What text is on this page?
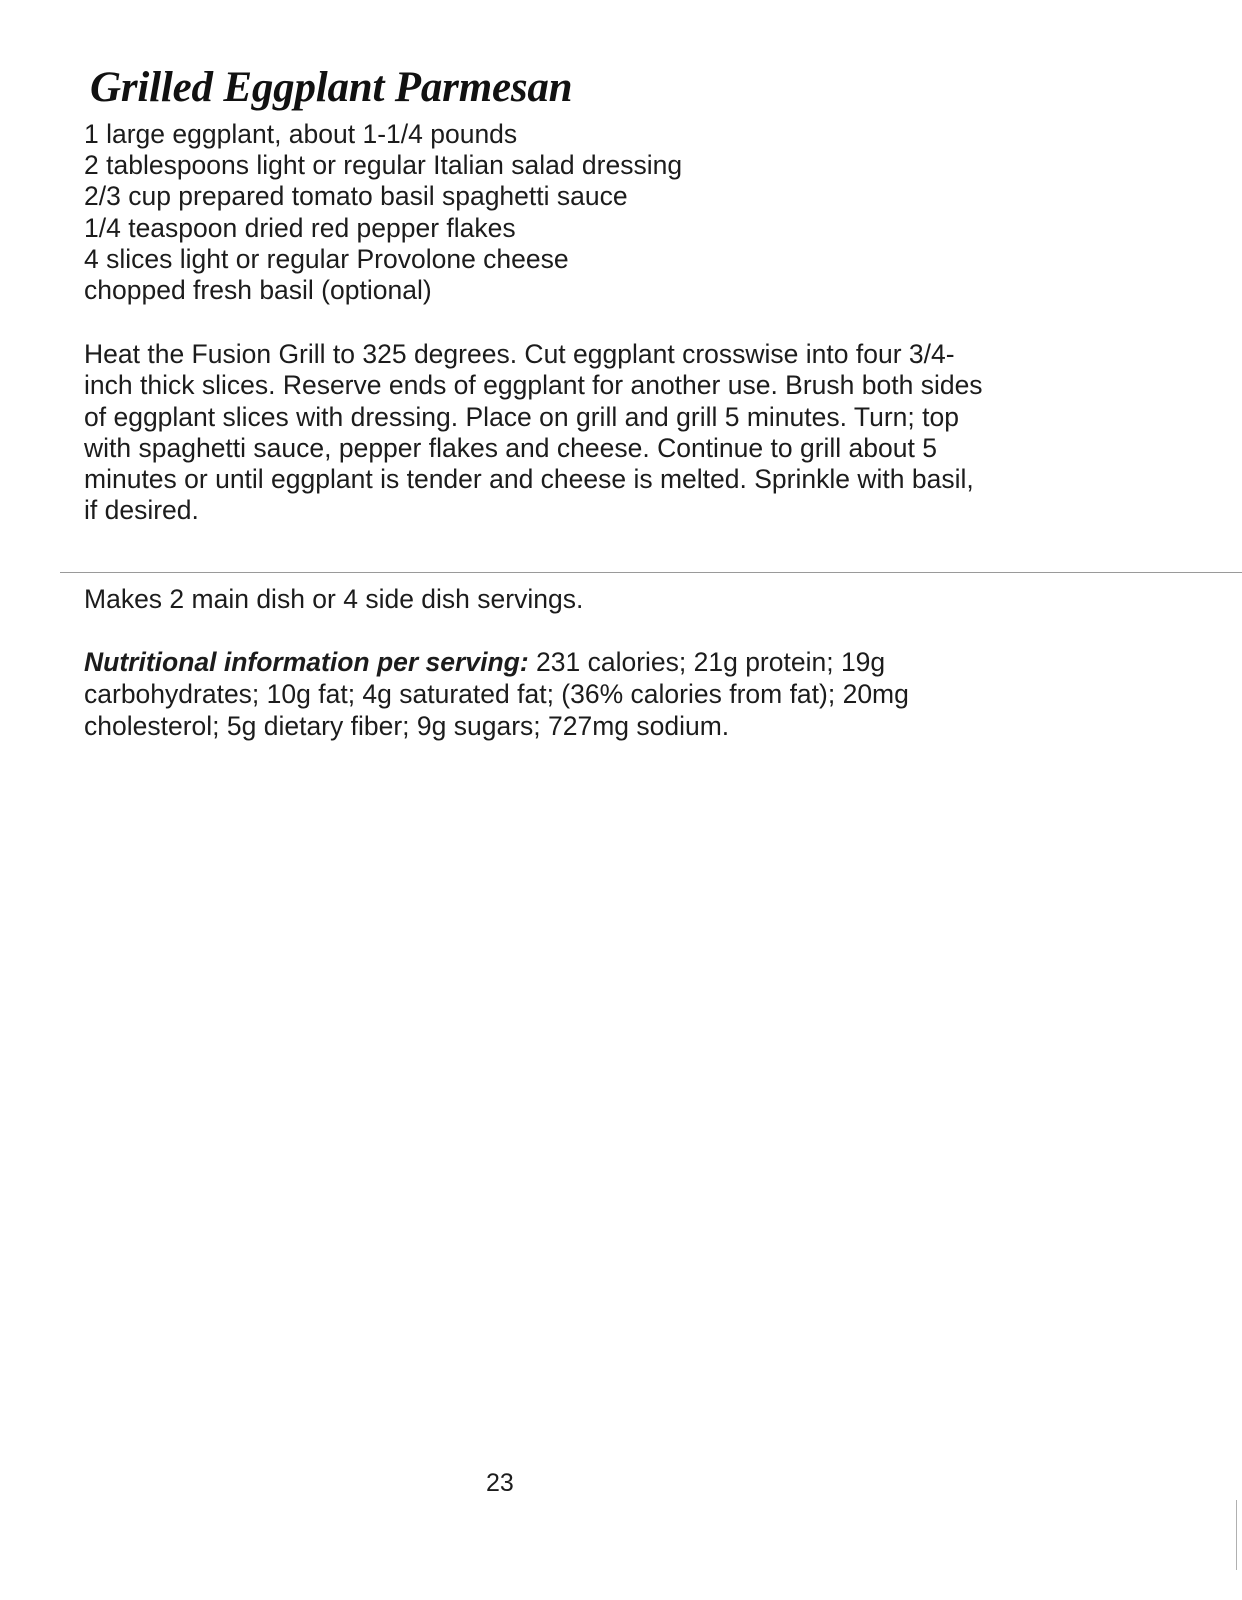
Grilled Eggplant Parmesan
1 large eggplant, about 1-1/4 pounds
2 tablespoons light or regular Italian salad dressing
2/3 cup prepared tomato basil spaghetti sauce
1/4 teaspoon dried red pepper flakes
4 slices light or regular Provolone cheese
chopped fresh basil (optional)

Heat the Fusion Grill to 325 degrees. Cut eggplant crosswise into four 3/4-inch thick slices. Reserve ends of eggplant for another use. Brush both sides of eggplant slices with dressing. Place on grill and grill 5 minutes. Turn; top with spaghetti sauce, pepper flakes and cheese. Continue to grill about 5 minutes or until eggplant is tender and cheese is melted. Sprinkle with basil, if desired.

Makes 2 main dish or 4 side dish servings.

Nutritional information per serving: 231 calories; 21g protein; 19g carbohydrates; 10g fat; 4g saturated fat; (36% calories from fat); 20mg cholesterol; 5g dietary fiber; 9g sugars; 727mg sodium.

23
